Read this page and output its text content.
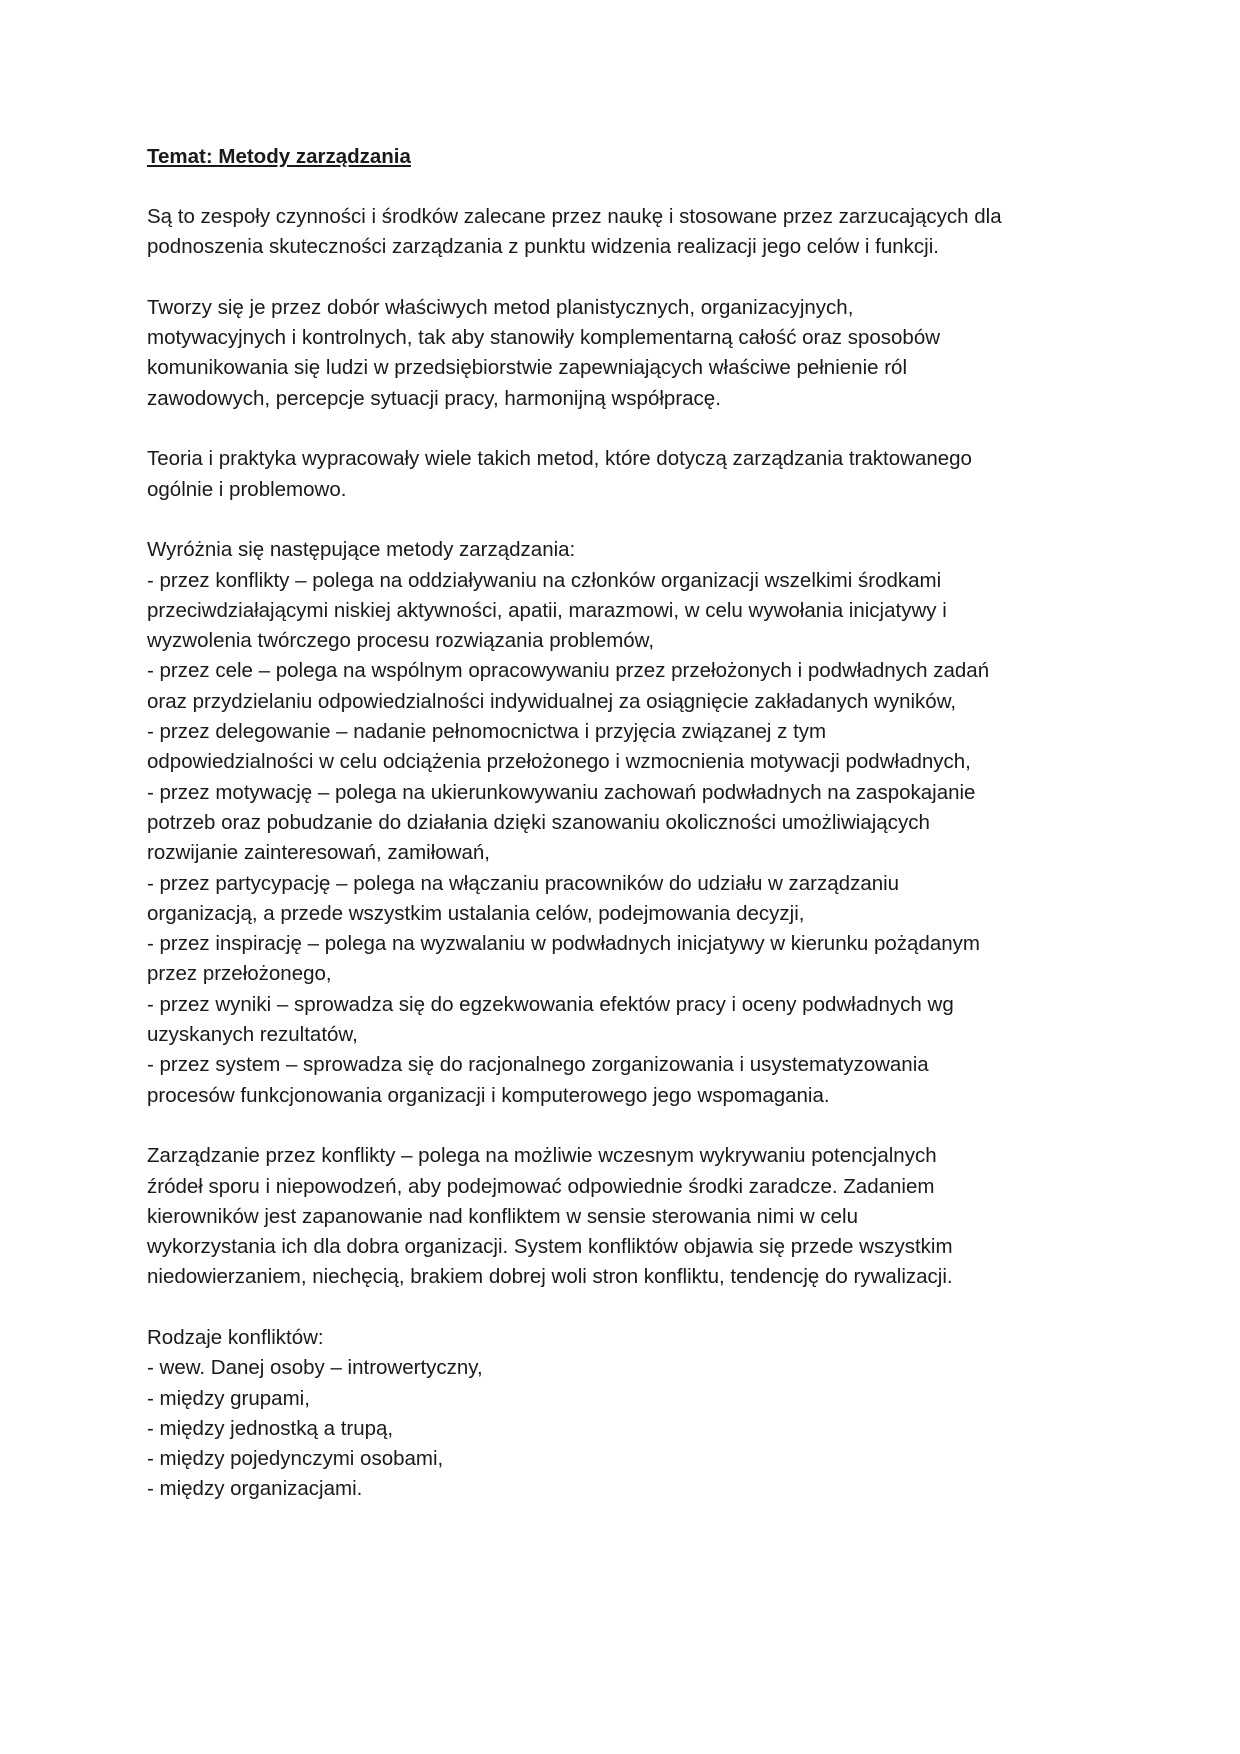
Temat: Metody zarządzania
Są to zespoły czynności i środków zalecane przez naukę i stosowane przez zarzucających dla
podnoszenia skuteczności zarządzania z punktu widzenia realizacji jego celów i funkcji.
Tworzy się je przez dobór właściwych metod planistycznych, organizacyjnych,
motywacyjnych i kontrolnych, tak aby stanowiły komplementarną całość oraz sposobów
komunikowania się ludzi w przedsiębiorstwie zapewniających właściwe pełnienie ról
zawodowych, percepcje sytuacji pracy, harmonijną współpracę.
Teoria i praktyka wypracowały wiele takich metod, które dotyczą zarządzania traktowanego
ogólnie i problemowo.
Wyróżnia się następujące metody zarządzania:
- przez konflikty – polega na oddziaływaniu na członków organizacji wszelkimi środkami
przeciwdziałającymi niskiej aktywności, apatii, marazmowi, w celu wywołania inicjatywy i
wyzwolenia twórczego procesu rozwiązania problemów,
- przez cele – polega na wspólnym opracowywaniu przez przełożonych i podwładnych zadań
oraz przydzielaniu odpowiedzialności indywidualnej za osiągnięcie zakładanych wyników,
- przez delegowanie – nadanie pełnomocnictwa i przyjęcia związanej z tym
odpowiedzialności w celu odciążenia przełożonego i wzmocnienia motywacji podwładnych,
- przez motywację – polega na ukierunkowywaniu zachowań podwładnych na zaspokajanie
potrzeb oraz pobudzanie do działania dzięki szanowaniu okoliczności umożliwiających
rozwijanie zainteresowań, zamiłowań,
- przez partycypację – polega na włączaniu pracowników do udziału w zarządzaniu
organizacją, a przede wszystkim ustalania celów, podejmowania decyzji,
- przez inspirację – polega na wyzwalaniu w podwładnych inicjatywy w kierunku pożądanym
przez przełożonego,
- przez wyniki – sprowadza się do egzekwowania efektów pracy i oceny podwładnych wg
uzyskanych rezultatów,
- przez system – sprowadza się do racjonalnego zorganizowania i usystematyzowania
procesów funkcjonowania organizacji i komputerowego jego wspomagania.
Zarządzanie przez konflikty – polega na możliwie wczesnym wykrywaniu potencjalnych
źródeł sporu i niepowodzeń, aby podejmować odpowiednie środki zaradcze. Zadaniem
kierowników jest zapanowanie nad konfliktem w sensie sterowania nimi w celu
wykorzystania ich dla dobra organizacji. System konfliktów objawia się przede wszystkim
niedowierzaniem, niechęcią, brakiem dobrej woli stron konfliktu, tendencję do rywalizacji.
Rodzaje konfliktów:
- wew. Danej osoby – introwertyczny,
- między grupami,
- między jednostką a trupą,
- między pojedynczymi osobami,
- między organizacjami.
